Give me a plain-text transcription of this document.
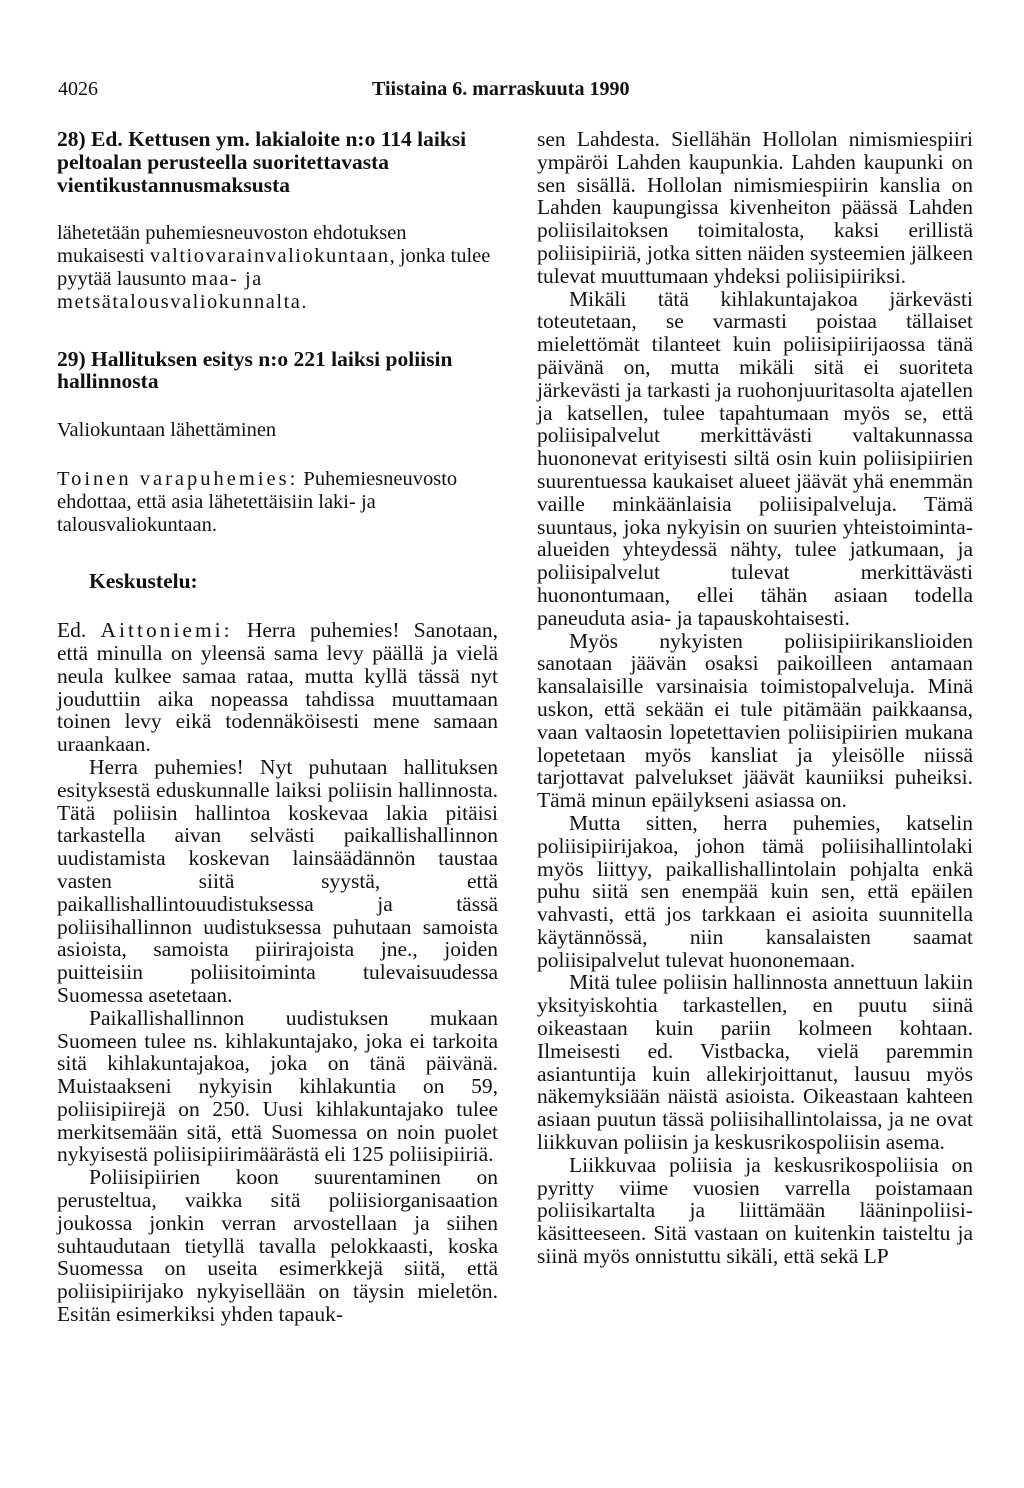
4026	Tiistaina 6. marraskuuta 1990

28) Ed. Kettusen ym. lakialoite n:o 114 laiksi peltoalan perusteella suoritettavasta vientikustannusmaksusta

lähetetään puhemiesneuvoston ehdotuksen mukaisesti valtiovarainvaliokuntaan, jonka tulee pyytää lausunto maa- ja metsätalousvaliokunnalta.

29) Hallituksen esitys n:o 221 laiksi poliisin hallinnosta

Valiokuntaan lähettäminen

Toinen varapuhemies: Puhemiesneuvosto ehdottaa, että asia lähetettäisiin laki- ja talousvaliokuntaan.

Keskustelu:

Ed. Aittoniemi: Herra puhemies! Sanotaan, että minulla on yleensä sama levy päällä ja vielä neula kulkee samaa rataa, mutta kyllä tässä nyt jouduttiin aika nopeassa tahdissa muuttamaan toinen levy eikä todennäköisesti mene samaan uraankaan.

Herra puhemies! Nyt puhutaan hallituksen esityksestä eduskunnalle laiksi poliisin hallinnosta. Tätä poliisin hallintoa koskevaa lakia pitäisi tarkastella aivan selvästi paikallishallinnon uudistamista koskevan lainsäädännön taustaa vasten siitä syystä, että paikallishallintouudistuksessa ja tässä poliisihallinnon uudistuksessa puhutaan samoista asioista, samoista piirirajoista jne., joiden puitteisiin poliisitoiminta tulevaisuudessa Suomessa asetetaan.

Paikallishallinnon uudistuksen mukaan Suomeen tulee ns. kihlakuntajako, joka ei tarkoita sitä kihlakuntajakoa, joka on tänä päivänä. Muistaakseni nykyisin kihlakuntia on 59, poliisipiirejä on 250. Uusi kihlakuntajako tulee merkitsemään sitä, että Suomessa on noin puolet nykyisestä poliisipiirimäärästä eli 125 poliisipiiriä.

Poliisipiirien koon suurentaminen on perusteltua, vaikka sitä poliisiorganisaation joukossa jonkin verran arvostellaan ja siihen suhtaudutaan tietyllä tavalla pelokkaasti, koska Suomessa on useita esimerkkejä siitä, että poliisipiirijako nykyisellään on täysin mieletön. Esitän esimerkiksi yhden tapauk-

sen Lahdesta. Siellähän Hollolan nimismiespiiri ympäröi Lahden kaupunkia. Lahden kaupunki on sen sisällä. Hollolan nimismiespiirin kanslia on Lahden kaupungissa kivenheiton päässä Lahden poliisilaitoksen toimitalosta, kaksi erillistä poliisipiiriä, jotka sitten näiden systeemien jälkeen tulevat muuttumaan yhdeksi poliisipiiriksi.

Mikäli tätä kihlakuntajakoa järkevästi toteutetaan, se varmasti poistaa tällaiset mielettömät tilanteet kuin poliisipiirijaossa tänä päivänä on, mutta mikäli sitä ei suoriteta järkevästi ja tarkasti ja ruohonjuuritasolta ajatellen ja katsellen, tulee tapahtumaan myös se, että poliisipalvelut merkittävästi valtakunnassa huononevat erityisesti siltä osin kuin poliisipiirien suurentuessa kaukaiset alueet jäävät yhä enemmän vaille minkäänlaisia poliisipalveluja. Tämä suuntaus, joka nykyisin on suurien yhteistoiminta-alueiden yhteydessä nähty, tulee jatkumaan, ja poliisipalvelut tulevat merkittävästi huonontumaan, ellei tähän asiaan todella paneuduta asia- ja tapauskohtaisesti.

Myös nykyisten poliisipiirikanslioiden sanotaan jäävän osaksi paikoilleen antamaan kansalaisille varsinaisia toimistopalveluja. Minä uskon, että sekään ei tule pitämään paikkaansa, vaan valtaosin lopetettavien poliisipiirien mukana lopetetaan myös kansliat ja yleisölle niissä tarjottavat palvelukset jäävät kauniiksi puheiksi. Tämä minun epäilykseni asiassa on.

Mutta sitten, herra puhemies, katselin poliisipiirijakoa, johon tämä poliisihallintolaki myös liittyy, paikallishallintolain pohjalta enkä puhu siitä sen enempää kuin sen, että epäilen vahvasti, että jos tarkkaan ei asioita suunnitella käytännössä, niin kansalaisten saamat poliisipalvelut tulevat huononemaan.

Mitä tulee poliisin hallinnosta annettuun lakiin yksityiskohtia tarkastellen, en puutu siinä oikeastaan kuin pariin kolmeen kohtaan. Ilmeisesti ed. Vistbacka, vielä paremmin asiantuntija kuin allekirjoittanut, lausuu myös näkemyksiään näistä asioista. Oikeastaan kahteen asiaan puutun tässä poliisihallintolaissa, ja ne ovat liikkuvan poliisin ja keskusrikospoliisin asema.

Liikkuvaa poliisia ja keskusrikospoliisia on pyritty viime vuosien varrella poistamaan poliisikartalta ja liittämään lääninpoliisi-käsitteeseen. Sitä vastaan on kuitenkin taisteltu ja siinä myös onnistuttu sikäli, että sekä LP
